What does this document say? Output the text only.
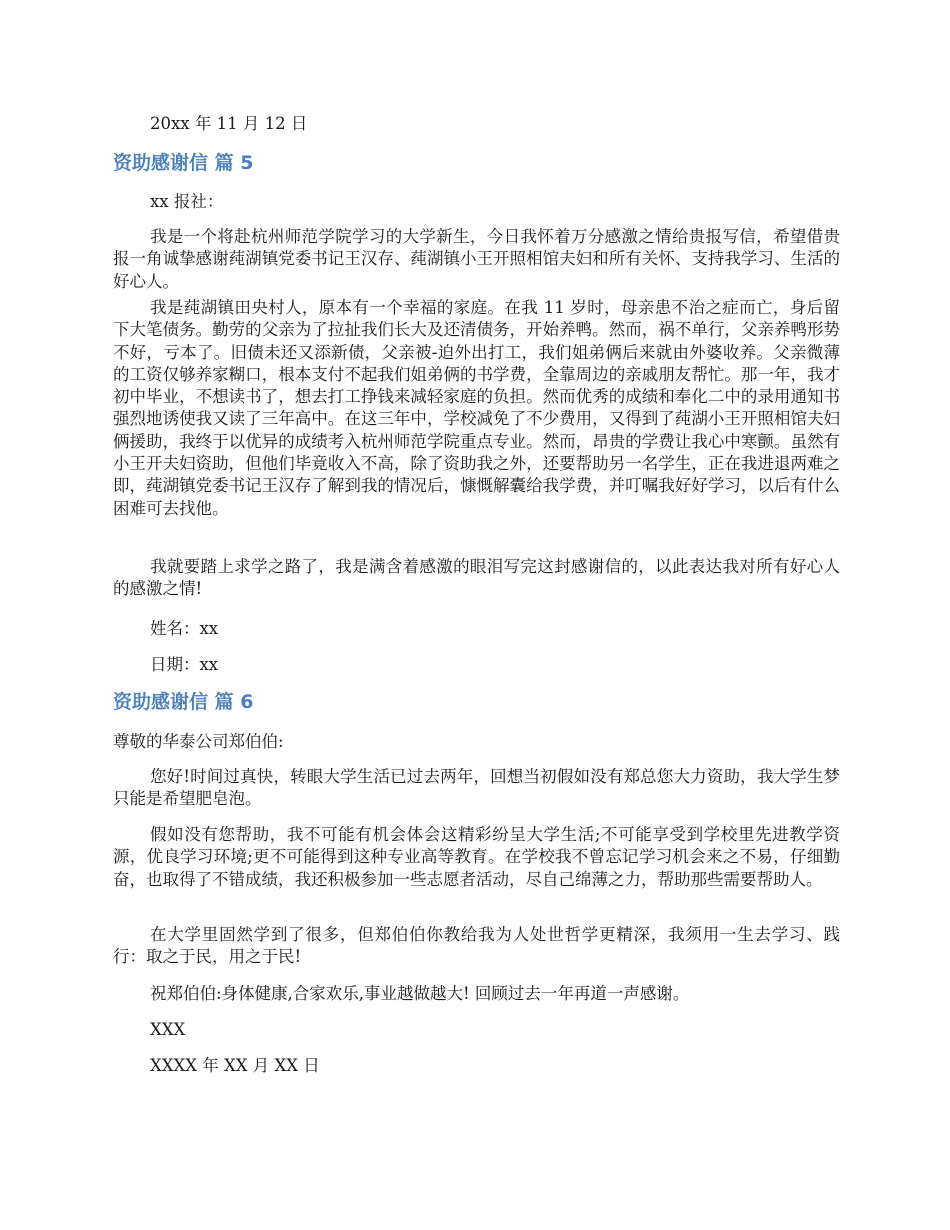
20xx 年 11 月 12 日

资助感谢信 篇 5

xx 报社：

我是一个将赴杭州师范学院学习的大学新生，今日我怀着万分感激之情给贵报写信，希望借贵报一角诚挚感谢莼湖镇党委书记王汉存、莼湖镇小王开照相馆夫妇和所有关怀、支持我学习、生活的好心人。

我是莼湖镇田央村人，原本有一个幸福的家庭。在我 11 岁时，母亲患不治之症而亡，身后留下大笔债务。勤劳的父亲为了拉扯我们长大及还清债务，开始养鸭。然而，祸不单行，父亲养鸭形势不好，亏本了。旧债未还又添新债，父亲被-迫外出打工，我们姐弟俩后来就由外婆收养。父亲微薄的工资仅够养家糊口，根本支付不起我们姐弟俩的书学费，全靠周边的亲戚朋友帮忙。那一年，我才初中毕业，不想读书了，想去打工挣钱来减轻家庭的负担。然而优秀的成绩和奉化二中的录用通知书强烈地诱使我又读了三年高中。在这三年中，学校减免了不少费用，又得到了莼湖小王开照相馆夫妇俩援助，我终于以优异的成绩考入杭州师范学院重点专业。然而，昂贵的学费让我心中寒颤。虽然有小王开夫妇资助，但他们毕竟收入不高，除了资助我之外，还要帮助另一名学生，正在我进退两难之即，莼湖镇党委书记王汉存了解到我的情况后，慷慨解囊给我学费，并叮嘱我好好学习，以后有什么困难可去找他。

我就要踏上求学之路了，我是满含着感激的眼泪写完这封感谢信的，以此表达我对所有好心人的感激之情!

姓名：xx

日期：xx

资助感谢信 篇 6

尊敬的华泰公司郑伯伯:

您好!时间过真快，转眼大学生活已过去两年，回想当初假如没有郑总您大力资助，我大学生梦只能是希望肥皂泡。

假如没有您帮助，我不可能有机会体会这精彩纷呈大学生活;不可能享受到学校里先进教学资源，优良学习环境;更不可能得到这种专业高等教育。在学校我不曾忘记学习机会来之不易，仔细勤奋，也取得了不错成绩，我还积极参加一些志愿者活动，尽自己绵薄之力，帮助那些需要帮助人。

在大学里固然学到了很多，但郑伯伯你教给我为人处世哲学更精深，我须用一生去学习、践行：取之于民，用之于民!

祝郑伯伯:身体健康,合家欢乐,事业越做越大! 回顾过去一年再道一声感谢。

XXX

XXXX 年 XX 月 XX 日
